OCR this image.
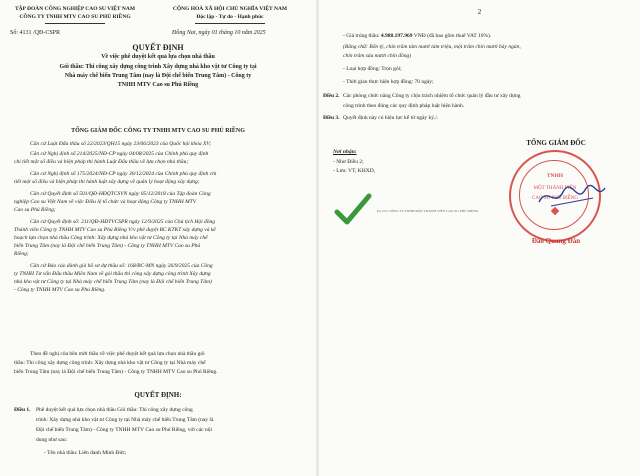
TẬP ĐOÀN CÔNG NGHIỆP CAO SU VIỆT NAM
CÔNG TY TNHH MTV CAO SU PHÚ RIỀNG
CỘNG HOÀ XÃ HỘI CHỦ NGHĨA VIỆT NAM
Độc lập - Tự do - Hạnh phúc
Số: 4131 /QĐ-CSPR	Đồng Nai, ngày 01 tháng 10 năm 2025
QUYẾT ĐỊNH
Về việc phê duyệt kết quả lựa chọn nhà thầu
Gói thầu: Thi công xây dựng công trình Xây dựng nhà kho vật tư Công ty tại
Nhà máy chế biến Trung Tâm (nay là Đội chế biến Trung Tâm) - Công ty
TNHH MTV Cao su Phú Riềng
TỔNG GIÁM ĐỐC CÔNG TY TNHH MTV CAO SU PHÚ RIỀNG
Căn cứ Luật Đấu thầu số 22/2023/QH15 ngày 23/06/2023 của Quốc hội khóa XV;
Căn cứ Nghị định số 214/2025/NĐ-CP ngày 04/08/2025 của Chính phủ quy định
chi tiết một số điều và biện pháp thi hành Luật Đấu thầu về lựa chọn nhà thầu;
Căn cứ Nghị định số 175/2024/NĐ-CP ngày 30/12/2024 của Chính phủ quy định chi
tiết một số điều và biện pháp thi hành luật xây dựng về quản lý hoạt động xây dựng;
Căn cứ Quyết định số 501/QĐ-HĐQTCSVN ngày 05/12/2018 của Tập đoàn Công
nghiệp Cao su Việt Nam về việc Điều lệ tổ chức và hoạt động Công ty TNHH MTV
Cao su Phú Riềng;
Căn cứ Quyết định số: 211/QĐ-HĐTVCSPR ngày 12/9/2025 của Chủ tịch Hội đồng
Thành viên Công ty TNHH MTV Cao su Phú Riềng V/v phê duyệt BC KTKT xây dựng và kế
hoạch lựa chọn nhà thầu Công trình: Xây dựng nhà kho vật tư Công ty tại Nhà máy chế
biến Trung Tâm (nay là Đội chế biến Trung Tâm) - Công ty TNHH MTV Cao su Phú
Riềng;
Căn cứ Báo cáo đánh giá hồ sơ dự thầu số: 168/BC-MN ngày 26/9/2025 của Công
ty TNHH Tư vấn Đấu thầu Miền Nam về gói thầu thi công xây dựng công trình Xây dựng
nhà kho vật tư Công ty tại Nhà máy chế biến Trung Tâm (nay là Đội chế biến Trung Tâm)
- Công ty TNHH MTV Cao su Phú Riềng.
Theo đề nghị của bên mời thầu về việc phê duyệt kết quả lựa chọn nhà thầu gói
thầu: Thi công xây dựng công trình: Xây dựng nhà kho vật tư Công ty tại Nhà máy chế
biến Trung Tâm (nay là Đội chế biến Trung Tâm) - Công ty TNHH MTV Cao su Phú Riềng.
QUYẾT ĐỊNH:
Điều 1. Phê duyệt kết quả lựa chọn nhà thầu Gói thầu: Thi công xây dựng công
trình: Xây dựng nhà kho vật tư Công ty tại Nhà máy chế biến Trung Tâm (nay là
Đội chế biến Trung Tâm) - Công ty TNHH MTV Cao su Phú Riềng, với các nội
dung như sau:
- Tên nhà thầu: Liên danh Minh Đức;
2
- Giá trúng thầu: 4.988.197.969 VNĐ (đã bao gồm thuế VAT 10%).
(Bằng chữ: Bốn tỷ, chín trăm tám mươi tám triệu, một trăm chín mươi bảy ngàn,
chín trăm sáu mươi chín đồng)
- Loại hợp đồng: Trọn gói;
- Thời gian thực hiện hợp đồng: 70 ngày;
Điều 2. Các phòng chức năng Công ty chịu trách nhiệm tổ chức quản lý đầu tư xây dựng
công trình theo đúng các quy định pháp luật hiện hành.
Điều 3. Quyết định này có hiệu lực kể từ ngày ký./.
Nơi nhận:
- Như Điều 2;
- Lưu: VT, KHXD,
Ký bởi: CÔNG TY TNHH MỘT THÀNH VIÊN CAO SU PHÚ RIỀNG
TỔNG GIÁM ĐỐC
TNHH
MỘT THÀNH VIÊN
CAO SU PHÚ RIỀNG
Đào Quang Đán
